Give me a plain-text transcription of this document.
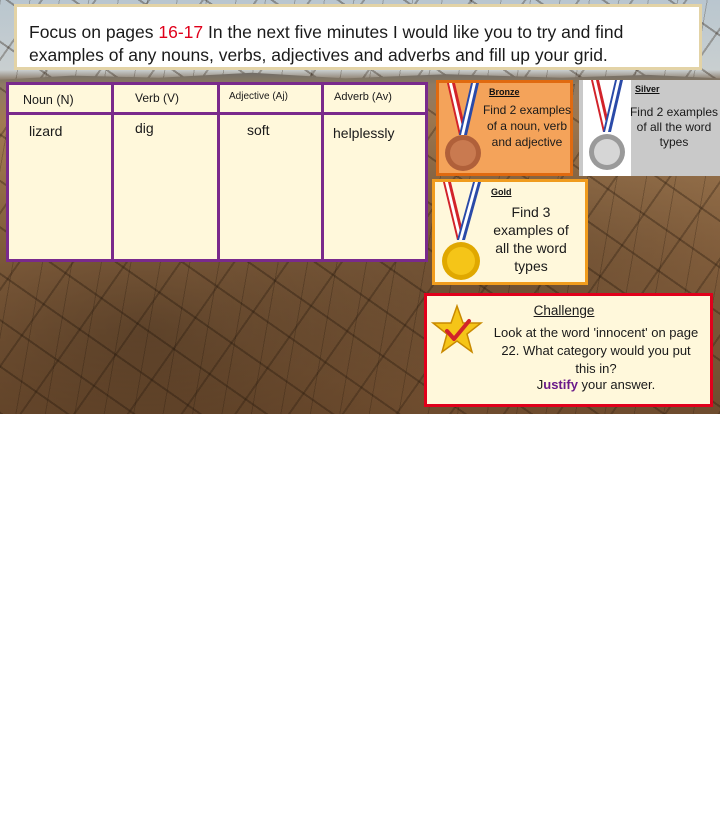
Focus on pages 16-17 In the next five minutes I would like you to try and find examples of any nouns, verbs, adjectives and adverbs and fill up your grid.
Noun (N)	Verb (V)	Adjective (Aj)	Adverb (Av)
lizard	dig	soft	helplessly
Bronze
Find 2 examples of a noun, verb and adjective
Silver
Find 2 examples of all the word types
Gold
Find 3 examples of all the word types
Challenge
Look at the word 'innocent' on page 22. What category would you put this in?
Justify your answer.
